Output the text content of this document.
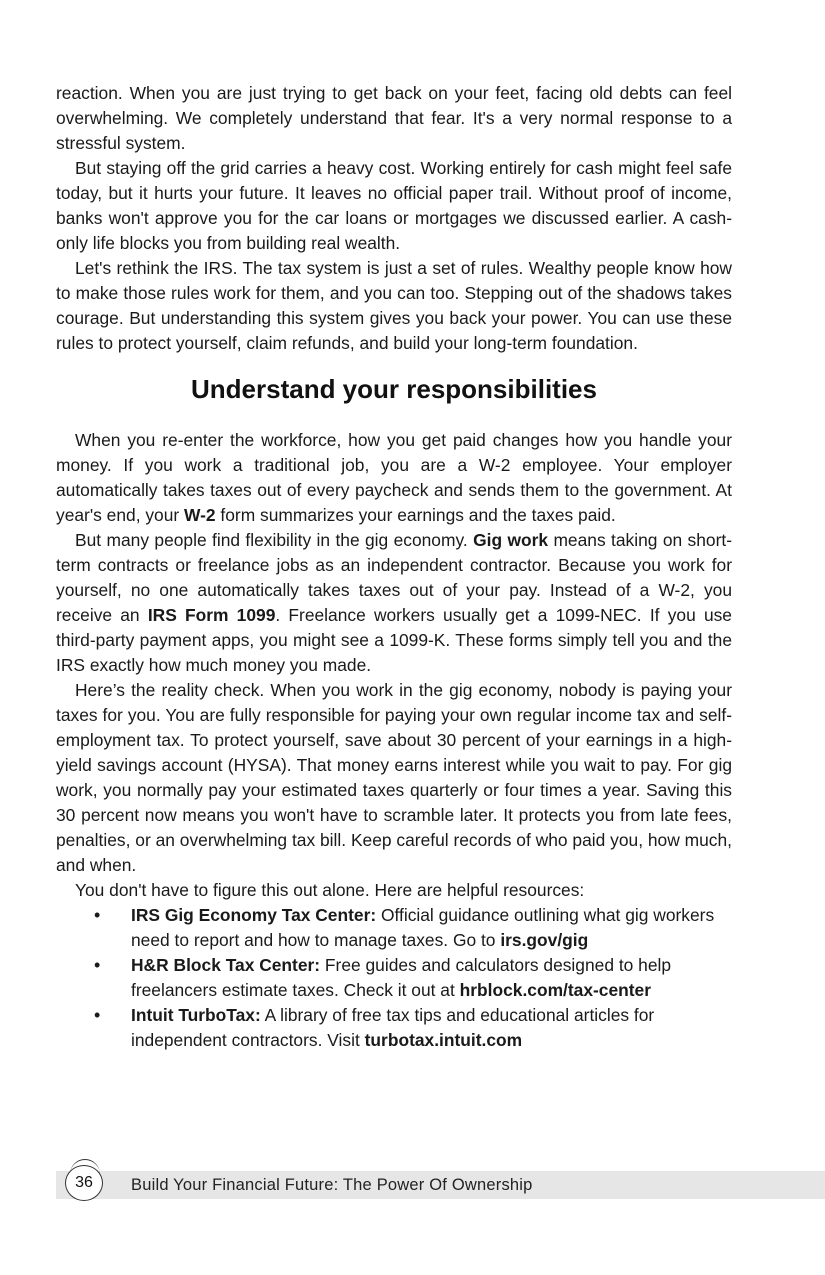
reaction. When you are just trying to get back on your feet, facing old debts can feel overwhelming. We completely understand that fear. It's a very normal response to a stressful system.

But staying off the grid carries a heavy cost. Working entirely for cash might feel safe today, but it hurts your future. It leaves no official paper trail. Without proof of income, banks won't approve you for the car loans or mortgages we discussed earlier. A cash-only life blocks you from building real wealth.

Let's rethink the IRS. The tax system is just a set of rules. Wealthy people know how to make those rules work for them, and you can too. Stepping out of the shadows takes courage. But understanding this system gives you back your power. You can use these rules to protect yourself, claim refunds, and build your long-term foundation.

Understand your responsibilities

When you re-enter the workforce, how you get paid changes how you handle your money. If you work a traditional job, you are a W-2 employee. Your employer automatically takes taxes out of every paycheck and sends them to the government. At year's end, your W-2 form summarizes your earnings and the taxes paid.

But many people find flexibility in the gig economy. Gig work means taking on short-term contracts or freelance jobs as an independent contractor. Because you work for yourself, no one automatically takes taxes out of your pay. Instead of a W-2, you receive an IRS Form 1099. Freelance workers usually get a 1099-NEC. If you use third-party payment apps, you might see a 1099-K. These forms simply tell you and the IRS exactly how much money you made.

Here’s the reality check. When you work in the gig economy, nobody is paying your taxes for you. You are fully responsible for paying your own regular income tax and self-employment tax. To protect yourself, save about 30 percent of your earnings in a high-yield savings account (HYSA). That money earns interest while you wait to pay. For gig work, you normally pay your estimated taxes quarterly or four times a year. Saving this 30 percent now means you won't have to scramble later. It protects you from late fees, penalties, or an overwhelming tax bill. Keep careful records of who paid you, how much, and when.

You don't have to figure this out alone. Here are helpful resources:

• IRS Gig Economy Tax Center: Official guidance outlining what gig workers need to report and how to manage taxes. Go to irs.gov/gig
• H&R Block Tax Center: Free guides and calculators designed to help freelancers estimate taxes. Check it out at hrblock.com/tax-center
• Intuit TurboTax: A library of free tax tips and educational articles for independent contractors. Visit turbotax.intuit.com
36	Build Your Financial Future: The Power Of Ownership
